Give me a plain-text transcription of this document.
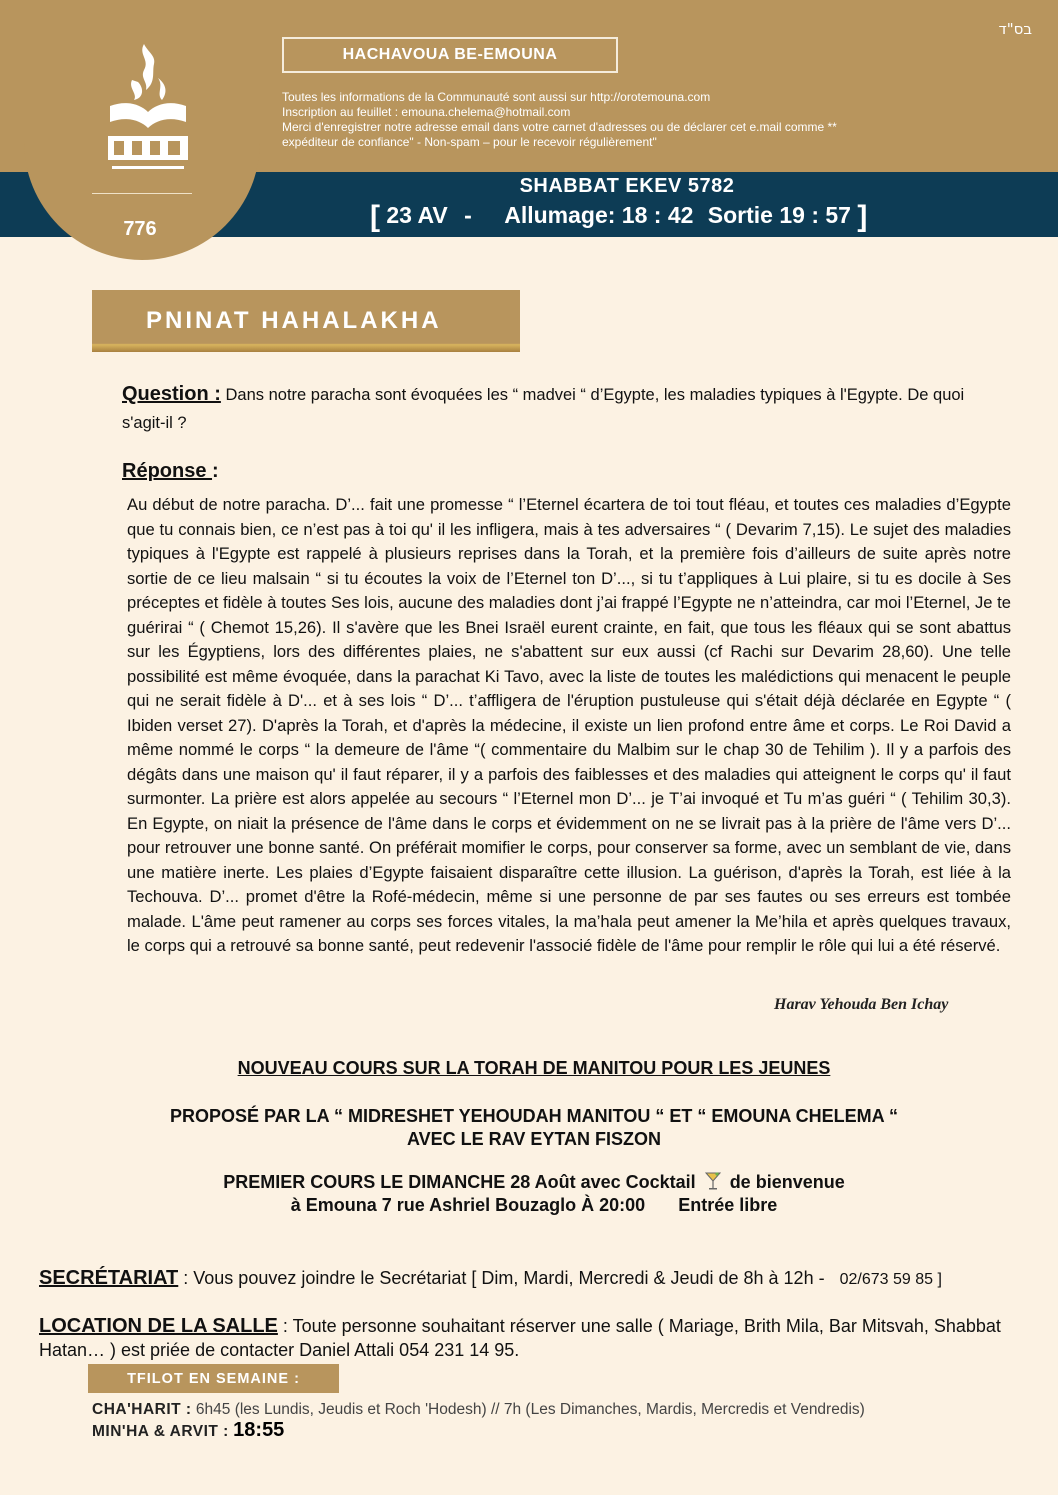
776
בס"ד
HACHAVOUA BE-EMOUNA
Toutes les informations de la Communauté sont aussi sur http://orotemouna.com
Inscription au feuillet : emouna.chelema@hotmail.com
Merci d'enregistrer notre adresse email dans votre carnet d'adresses ou de déclarer cet e.mail comme **
expéditeur de confiance" - Non-spam – pour le recevoir régulièrement"
SHABBAT EKEV 5782
[ 23 AV - Allumage: 18 : 42 Sortie 19 : 57 ]
PNINAT HAHALAKHA
Question : Dans notre paracha sont évoquées les “ madvei “ d’Egypte, les maladies typiques à l'Egypte. De quoi s'agit-il ?
Réponse :
Au début de notre paracha. D’... fait une promesse “ l’Eternel écartera de toi tout fléau, et toutes ces maladies d’Egypte que tu connais bien, ce n’est pas à toi qu' il les infligera, mais à tes adversaires “ ( Devarim 7,15). Le sujet des maladies typiques à l'Egypte est rappelé à plusieurs reprises dans la Torah, et la première fois d’ailleurs de suite après notre sortie de ce lieu malsain “ si tu écoutes la voix de l’Eternel ton D’..., si tu t’appliques à Lui plaire, si tu es docile à Ses préceptes et fidèle à toutes Ses lois, aucune des maladies dont j’ai frappé l’Egypte ne n’atteindra, car moi l’Eternel, Je te guérirai “ ( Chemot 15,26). Il s'avère que les Bnei Israël eurent crainte, en fait, que tous les fléaux qui se sont abattus sur les Égyptiens, lors des différentes plaies, ne s'abattent sur eux aussi (cf Rachi sur Devarim 28,60). Une telle possibilité est même évoquée, dans la parachat Ki Tavo, avec la liste de toutes les malédictions qui menacent le peuple qui ne serait fidèle à D'... et à ses lois “ D’... t’affligera de l'éruption pustuleuse qui s'était déjà déclarée en Egypte “ ( Ibiden verset 27). D'après la Torah, et d'après la médecine, il existe un lien profond entre âme et corps. Le Roi David a même nommé le corps “ la demeure de l'âme “( commentaire du Malbim sur le chap 30 de Tehilim ). Il y a parfois des dégâts dans une maison qu' il faut réparer, il y a parfois des faiblesses et des maladies qui atteignent le corps qu' il faut surmonter. La prière est alors appelée au secours “ l’Eternel mon D’... je T’ai invoqué et Tu m’as guéri “ ( Tehilim 30,3). En Egypte, on niait la présence de l'âme dans le corps et évidemment on ne se livrait pas à la prière de l'âme vers D’... pour retrouver une bonne santé. On préférait momifier le corps, pour conserver sa forme, avec un semblant de vie, dans une matière inerte. Les plaies d’Egypte faisaient disparaître cette illusion. La guérison, d'après la Torah, est liée à la Techouva. D’... promet d'être la Rofé-médecin, même si une personne de par ses fautes ou ses erreurs est tombée malade. L'âme peut ramener au corps ses forces vitales, la ma’hala peut amener la Me’hila et après quelques travaux, le corps qui a retrouvé sa bonne santé, peut redevenir l'associé fidèle de l'âme pour remplir le rôle qui lui a été réservé.
Harav Yehouda Ben Ichay
NOUVEAU COURS SUR LA TORAH DE MANITOU POUR LES JEUNES
PROPOSÉ PAR LA “ MIDRESHET YEHOUDAH MANITOU “ ET “ EMOUNA CHELEMA “
AVEC LE RAV EYTAN FISZON
PREMIER COURS LE DIMANCHE 28 Août avec Cocktail de bienvenue
à Emouna 7 rue Ashriel Bouzaglo À 20:00 Entrée libre
SECRÉTARIAT : Vous pouvez joindre le Secrétariat [ Dim, Mardi, Mercredi & Jeudi de 8h à 12h - 02/673 59 85 ]
LOCATION DE LA SALLE : Toute personne souhaitant réserver une salle ( Mariage, Brith Mila, Bar Mitsvah, Shabbat Hatan… ) est priée de contacter Daniel Attali 054 231 14 95.
TFILOT EN SEMAINE :
CHA'HARIT : 6h45 (les Lundis, Jeudis et Roch 'Hodesh) // 7h (Les Dimanches, Mardis, Mercredis et Vendredis)
MIN'HA & ARVIT : 18:55
